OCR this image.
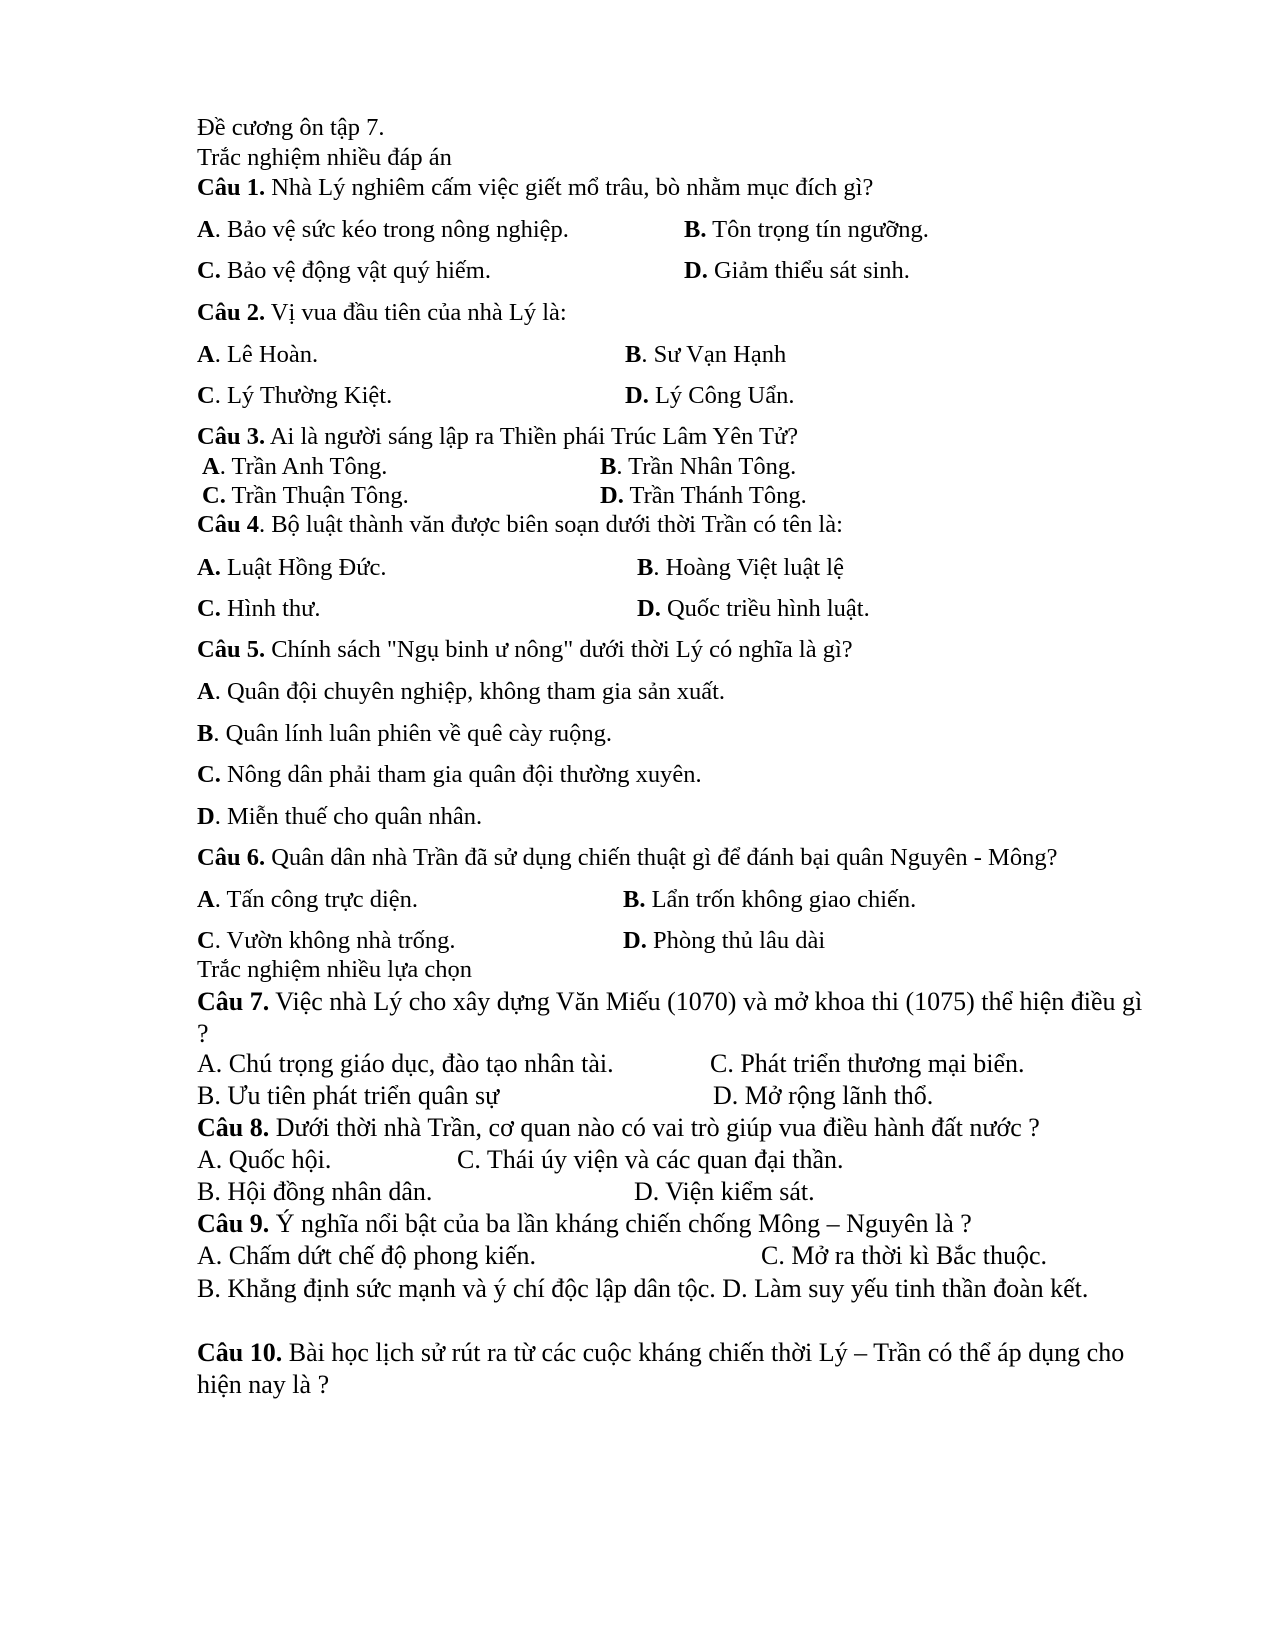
Đề cương ôn tập 7.
Trắc nghiệm nhiều đáp án
Câu 1. Nhà Lý nghiêm cấm việc giết mổ trâu, bò nhằm mục đích gì?
A. Bảo vệ sức kéo trong nông nghiệp.	B. Tôn trọng tín ngưỡng.
C. Bảo vệ động vật quý hiếm.	D. Giảm thiểu sát sinh.
Câu 2. Vị vua đầu tiên của nhà Lý là:
A. Lê Hoàn.	B. Sư Vạn Hạnh
C. Lý Thường Kiệt.	D. Lý Công Uẩn.
Câu 3. Ai là người sáng lập ra Thiền phái Trúc Lâm Yên Tử?
A. Trần Anh Tông.	B. Trần Nhân Tông.
C. Trần Thuận Tông.	D. Trần Thánh Tông.
Câu 4. Bộ luật thành văn được biên soạn dưới thời Trần có tên là:
A. Luật Hồng Đức.	B. Hoàng Việt luật lệ
C. Hình thư.	D. Quốc triều hình luật.
Câu 5. Chính sách "Ngụ binh ư nông" dưới thời Lý có nghĩa là gì?
A. Quân đội chuyên nghiệp, không tham gia sản xuất.
B. Quân lính luân phiên về quê cày ruộng.
C. Nông dân phải tham gia quân đội thường xuyên.
D. Miễn thuế cho quân nhân.
Câu 6. Quân dân nhà Trần đã sử dụng chiến thuật gì để đánh bại quân Nguyên - Mông?
A. Tấn công trực diện.	B. Lẩn trốn không giao chiến.
C. Vườn không nhà trống.	D. Phòng thủ lâu dài
Trắc nghiệm nhiều lựa chọn
Câu 7. Việc nhà Lý cho xây dựng Văn Miếu (1070) và mở khoa thi (1075) thể hiện điều gì ?
A. Chú trọng giáo dục, đào tạo nhân tài.	C. Phát triển thương mại biển.
B. Ưu tiên phát triển quân sự	D. Mở rộng lãnh thổ.
Câu 8. Dưới thời nhà Trần, cơ quan nào có vai trò giúp vua điều hành đất nước ?
A. Quốc hội.	C. Thái úy viện và các quan đại thần.
B. Hội đồng nhân dân.	D. Viện kiểm sát.
Câu 9. Ý nghĩa nổi bật của ba lần kháng chiến chống Mông – Nguyên là ?
A. Chấm dứt chế độ phong kiến.	C. Mở ra thời kì Bắc thuộc.
B. Khẳng định sức mạnh và ý chí độc lập dân tộc. D. Làm suy yếu tinh thần đoàn kết.
Câu 10. Bài học lịch sử rút ra từ các cuộc kháng chiến thời Lý – Trần có thể áp dụng cho hiện nay là ?
